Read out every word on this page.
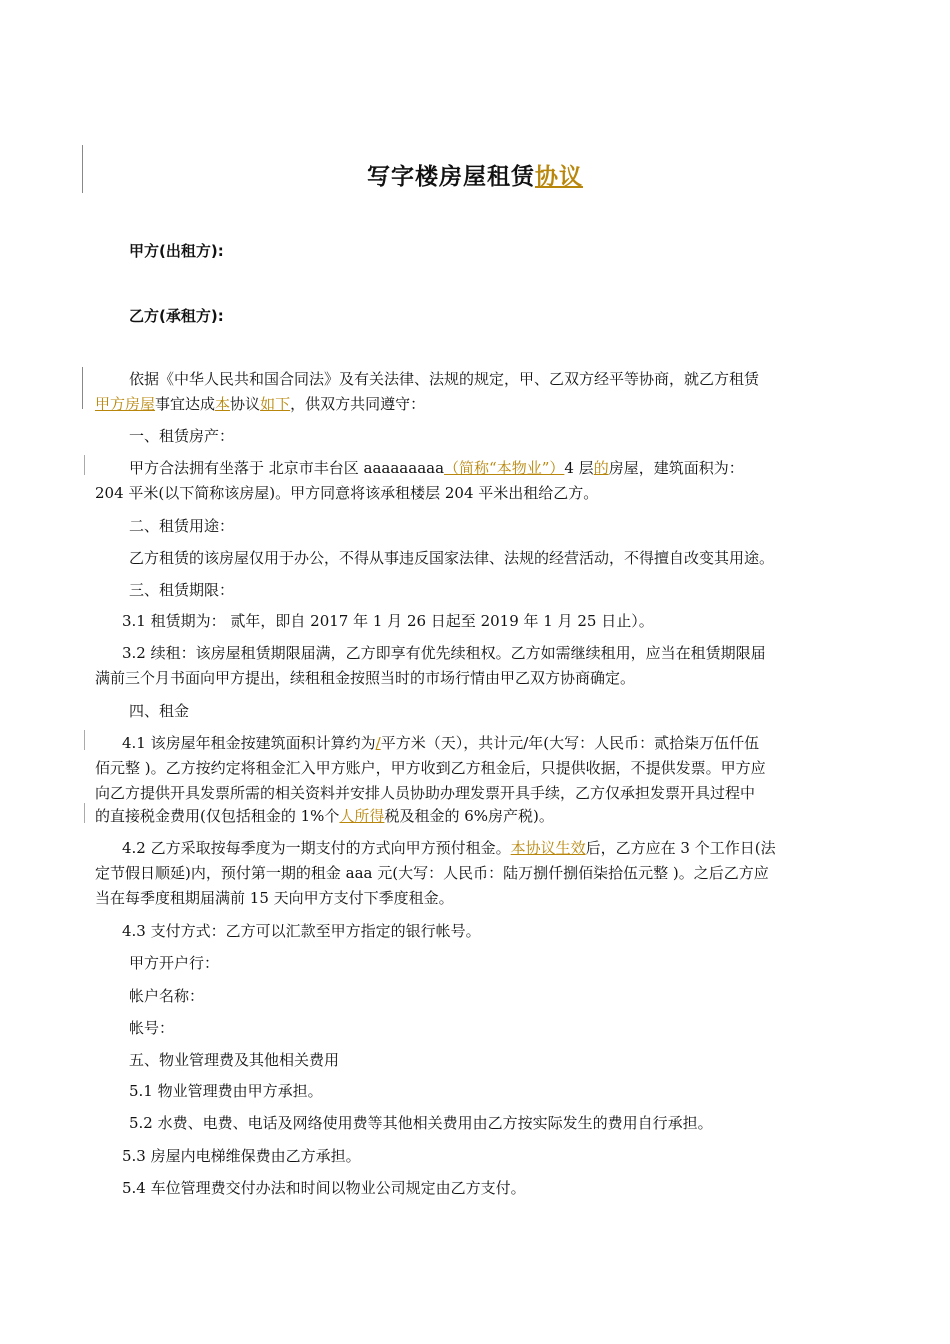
写字楼房屋租赁协议
甲方(出租方):
乙方(承租方):
依据《中华人民共和国合同法》及有关法律、法规的规定，甲、乙双方经平等协商，就乙方租赁
甲方房屋事宜达成本协议如下，供双方共同遵守：
一、租赁房产：
甲方合法拥有坐落于 北京市丰台区 aaaaaaaaa（简称“本物业”）4 层的房屋，建筑面积为：
204 平米(以下简称该房屋)。甲方同意将该承租楼层 204 平米出租给乙方。
二、租赁用途：
乙方租赁的该房屋仅用于办公，不得从事违反国家法律、法规的经营活动，不得擅自改变其用途。
三、租赁期限：
3.1 租赁期为： 贰年，即自 2017 年 1 月 26 日起至 2019 年 1 月 25 日止）。
3.2 续租：该房屋租赁期限届满，乙方即享有优先续租权。乙方如需继续租用，应当在租赁期限届
满前三个月书面向甲方提出，续租租金按照当时的市场行情由甲乙双方协商确定。
四、租金
4.1 该房屋年租金按建筑面积计算约为/平方米（天），共计元/年(大写：人民币：贰拾柒万伍仟伍
佰元整 )。乙方按约定将租金汇入甲方账户，甲方收到乙方租金后，只提供收据，不提供发票。甲方应
向乙方提供开具发票所需的相关资料并安排人员协助办理发票开具手续，乙方仅承担发票开具过程中
的直接税金费用(仅包括租金的 1%个人所得税及租金的 6%房产税)。
4.2 乙方采取按每季度为一期支付的方式向甲方预付租金。本协议生效后，乙方应在 3 个工作日(法
定节假日顺延)内，预付第一期的租金 aaa 元(大写：人民币：陆万捌仟捌佰柒拾伍元整 )。之后乙方应
当在每季度租期届满前 15 天向甲方支付下季度租金。
4.3 支付方式：乙方可以汇款至甲方指定的银行帐号。
甲方开户行：
帐户名称：
帐号：
五、物业管理费及其他相关费用
5.1 物业管理费由甲方承担。
5.2 水费、电费、电话及网络使用费等其他相关费用由乙方按实际发生的费用自行承担。
5.3 房屋内电梯维保费由乙方承担。
5.4 车位管理费交付办法和时间以物业公司规定由乙方支付。
